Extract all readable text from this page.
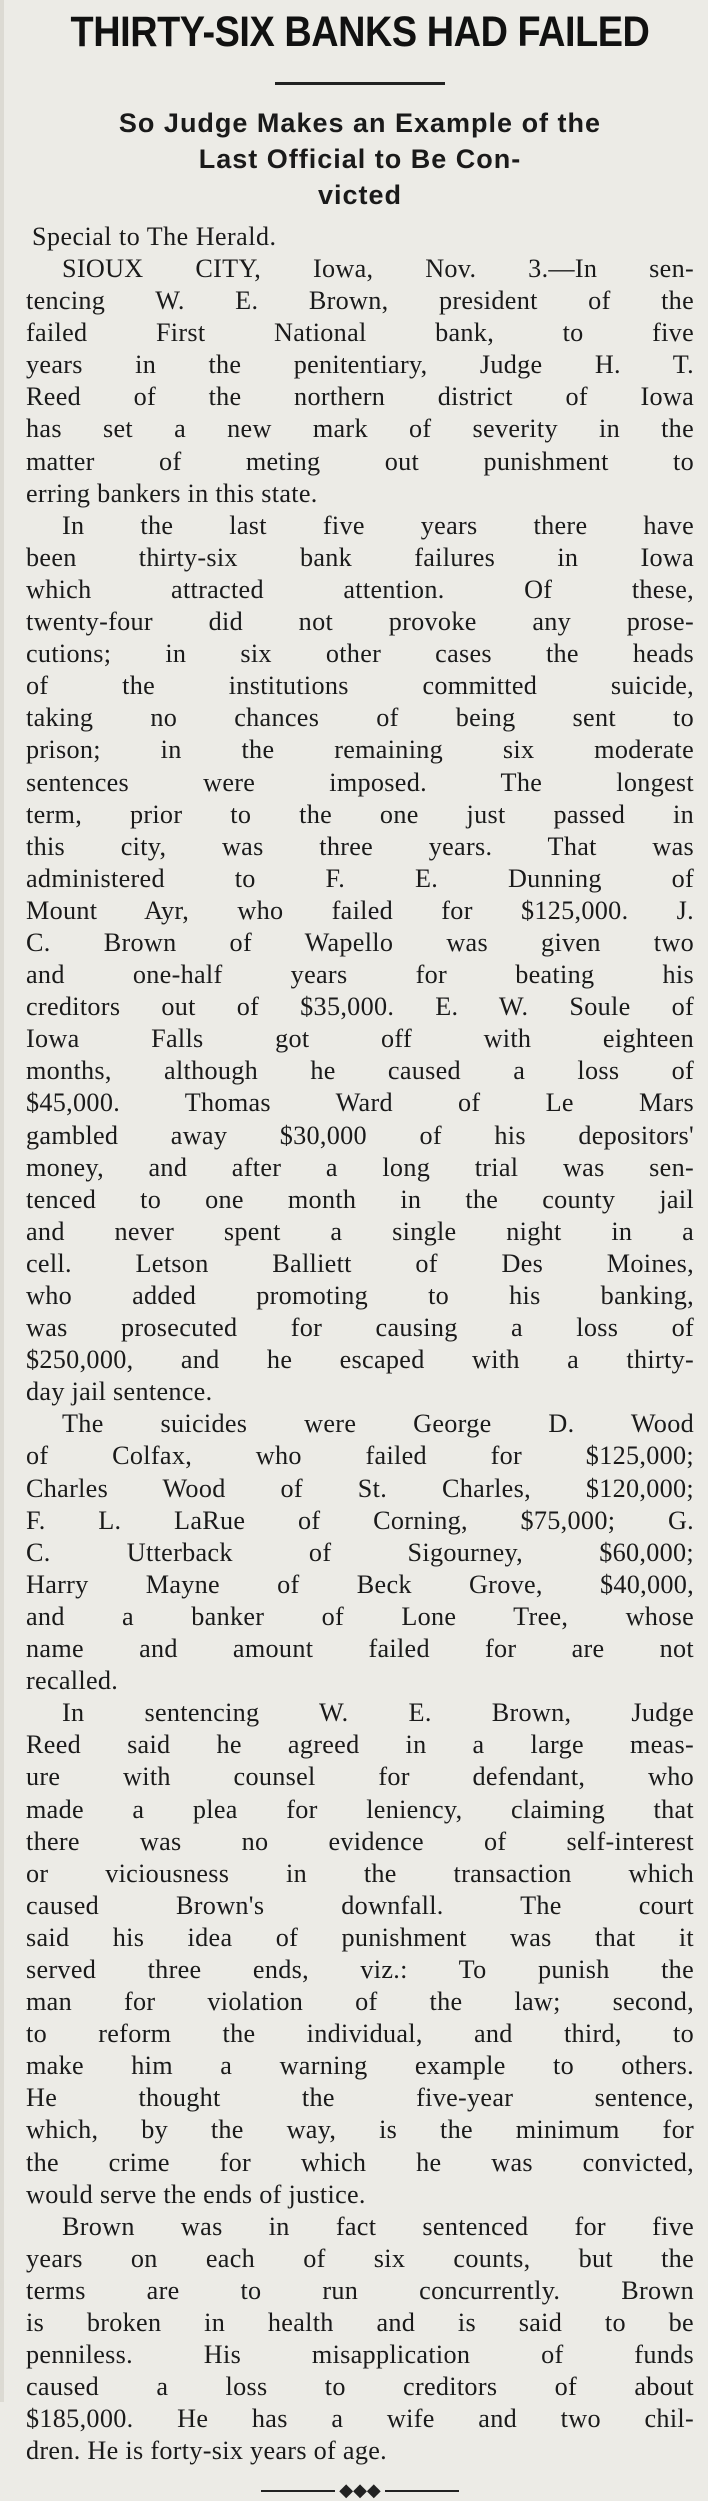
THIRTY-SIX BANKS HAD FAILED
So Judge Makes an Example of the
Last Official to Be Con-
victed
Special to The Herald.
SIOUX CITY, Iowa, Nov. 3.—In sen-
tencing W. E. Brown, president of the
failed First National bank, to five
years in the penitentiary, Judge H. T.
Reed of the northern district of Iowa
has set a new mark of severity in the
matter of meting out punishment to
erring bankers in this state.
In the last five years there have
been thirty-six bank failures in Iowa
which attracted attention. Of these,
twenty-four did not provoke any prose-
cutions; in six other cases the heads
of the institutions committed suicide,
taking no chances of being sent to
prison; in the remaining six moderate
sentences were imposed. The longest
term, prior to the one just passed in
this city, was three years. That was
administered to F. E. Dunning of
Mount Ayr, who failed for $125,000. J.
C. Brown of Wapello was given two
and one-half years for beating his
creditors out of $35,000. E. W. Soule of
Iowa Falls got off with eighteen
months, although he caused a loss of
$45,000. Thomas Ward of Le Mars
gambled away $30,000 of his depositors'
money, and after a long trial was sen-
tenced to one month in the county jail
and never spent a single night in a
cell. Letson Balliett of Des Moines,
who added promoting to his banking,
was prosecuted for causing a loss of
$250,000, and he escaped with a thirty-
day jail sentence.
The suicides were George D. Wood
of Colfax, who failed for $125,000;
Charles Wood of St. Charles, $120,000;
F. L. LaRue of Corning, $75,000; G.
C. Utterback of Sigourney, $60,000;
Harry Mayne of Beck Grove, $40,000,
and a banker of Lone Tree, whose
name and amount failed for are not
recalled.
In sentencing W. E. Brown, Judge
Reed said he agreed in a large meas-
ure with counsel for defendant, who
made a plea for leniency, claiming that
there was no evidence of self-interest
or viciousness in the transaction which
caused Brown's downfall. The court
said his idea of punishment was that it
served three ends, viz.: To punish the
man for violation of the law; second,
to reform the individual, and third, to
make him a warning example to others.
He thought the five-year sentence,
which, by the way, is the minimum for
the crime for which he was convicted,
would serve the ends of justice.
Brown was in fact sentenced for five
years on each of six counts, but the
terms are to run concurrently. Brown
is broken in health and is said to be
penniless. His misapplication of funds
caused a loss to creditors of about
$185,000. He has a wife and two chil-
dren. He is forty-six years of age.
◆◆◆
